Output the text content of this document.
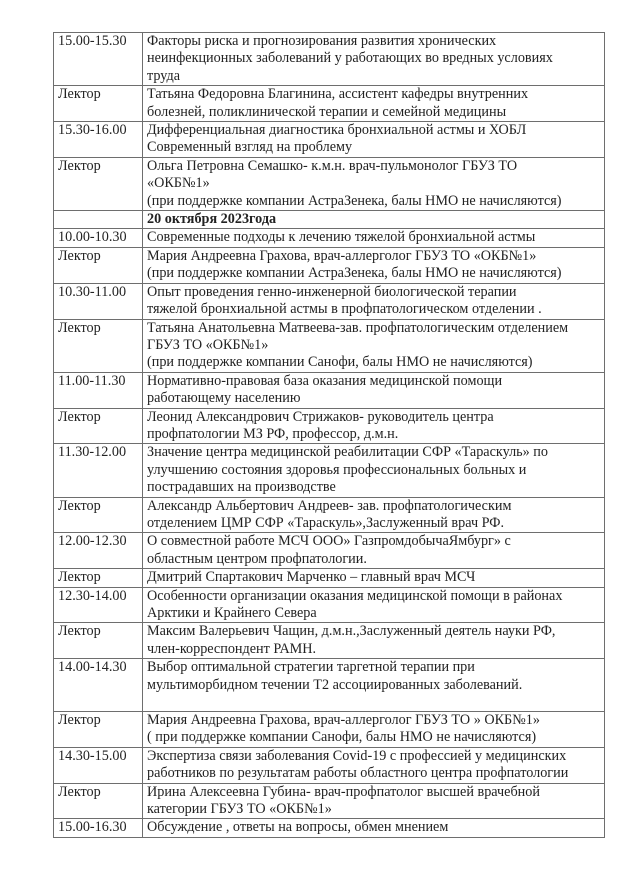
15.00-15.30	Факторы риска и прогнозирования развития хронических
неинфекционных заболеваний у работающих во вредных условиях
труда

Лектор	Татьяна Федоровна Благинина, ассистент кафедры внутренних
болезней, поликлинической терапии и семейной медицины

15.30-16.00	Дифференциальная диагностика бронхиальной астмы и ХОБЛ
Современный взгляд на проблему

Лектор	Ольга Петровна Семашко- к.м.н. врач-пульмонолог ГБУЗ ТО
«ОКБ№1»
(при поддержке компании АстраЗенека, балы НМО не начисляются)

	20 октября 2023года
10.00-10.30	Современные подходы к лечению тяжелой бронхиальной астмы

Лектор	Мария Андреевна Грахова, врач-аллерголог ГБУЗ ТО «ОКБ№1»
(при поддержке компании АстраЗенека, балы НМО не начисляются)

10.30-11.00	Опыт проведения генно-инженерной биологической терапии
тяжелой бронхиальной астмы в профпатологическом отделении .

Лектор	Татьяна Анатольевна Матвеева-зав. профпатологическим отделением
ГБУЗ ТО «ОКБ№1»
(при поддержке компании Санофи, балы НМО не начисляются)

11.00-11.30	Нормативно-правовая база оказания медицинской помощи
работающему населению

Лектор	Леонид Александрович Стрижаков- руководитель центра
профпатологии МЗ РФ, профессор, д.м.н.

11.30-12.00	Значение центра медицинской реабилитации СФР «Тараскуль» по
улучшению состояния здоровья профессиональных больных и
пострадавших на производстве

Лектор	Александр Альбертович Андреев- зав. профпатологическим
отделением ЦМР СФР «Тараскуль»,Заслуженный врач РФ.

12.00-12.30	О совместной работе МСЧ ООО» ГазпромдобычаЯмбург» с
областным центром профпатологии.

Лектор	Дмитрий Спартакович Марченко – главный врач МСЧ

12.30-14.00	Особенности организации оказания медицинской помощи в районах
Арктики и Крайнего Севера

Лектор	Максим Валерьевич Чащин, д.м.н.,Заслуженный деятель науки РФ,
член-корреспондент РАМН.

14.00-14.30	Выбор оптимальной стратегии таргетной терапии при
мультиморбидном течении Т2 ассоциированных заболеваний.

Лектор	Мария Андреевна Грахова, врач-аллерголог ГБУЗ ТО » ОКБ№1»
( при поддержке компании Санофи, балы НМО не начисляются)

14.30-15.00	Экспертиза связи заболевания Covid-19 с профессией у медицинских
работников по результатам работы областного центра профпатологии

Лектор	Ирина Алексеевна Губина- врач-профпатолог высшей врачебной
категории ГБУЗ ТО «ОКБ№1»

15.00-16.30	Обсуждение , ответы на вопросы, обмен мнением
